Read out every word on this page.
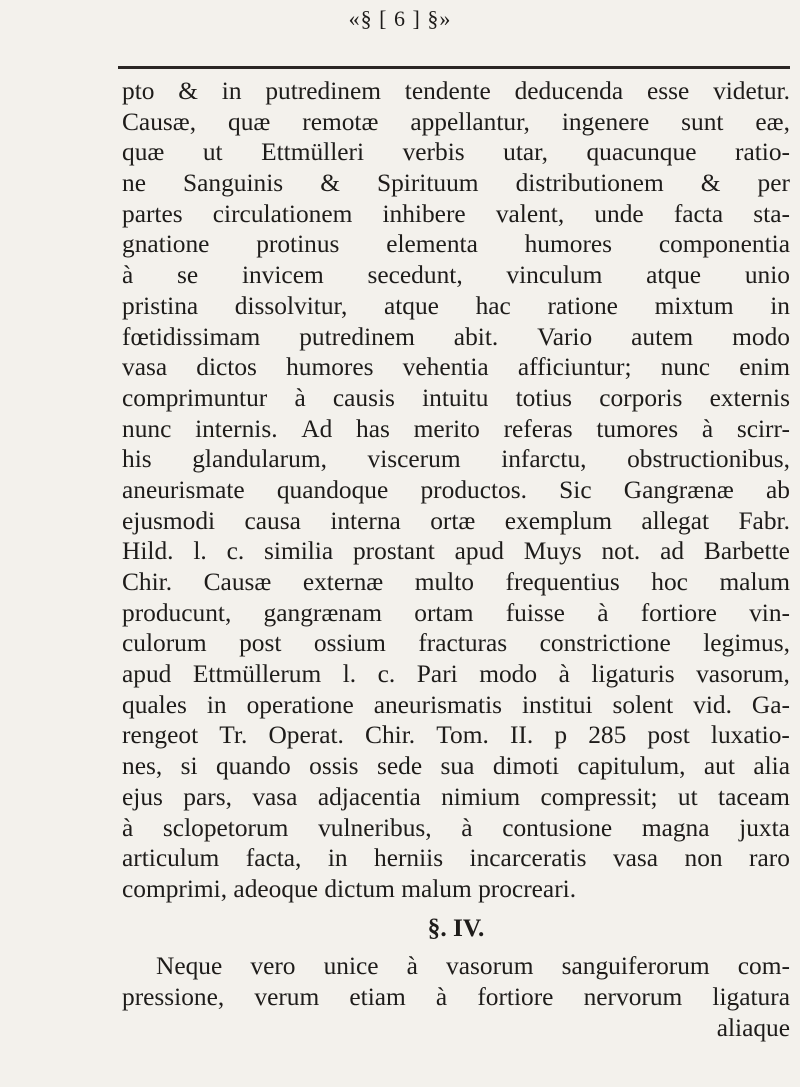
«§ [ 6 ] §»
pto & in putredinem tendente deducenda esse videtur.
Causæ, quæ remotæ appellantur, ingenere sunt eæ,
quæ ut Ettmülleri verbis utar, quacunque ratio-
ne Sanguinis & Spirituum distributionem & per
partes circulationem inhibere valent, unde facta sta-
gnatione protinus elementa humores componentia
à se invicem secedunt, vinculum atque unio
pristina dissolvitur, atque hac ratione mixtum in
fœtidissimam putredinem abit. Vario autem modo
vasa dictos humores vehentia afficiuntur; nunc enim
comprimuntur à causis intuitu totius corporis externis
nunc internis. Ad has merito referas tumores à scirr-
his glandularum, viscerum infarctu, obstructionibus,
aneurismate quandoque productos. Sic Gangrænæ ab
ejusmodi causa interna ortæ exemplum allegat Fabr.
Hild. l. c. similia prostant apud Muys not. ad Barbette
Chir. Causæ externæ multo frequentius hoc malum
producunt, gangrænam ortam fuisse à fortiore vin-
culorum post ossium fracturas constrictione legimus,
apud Ettmüllerum l. c. Pari modo à ligaturis vasorum,
quales in operatione aneurismatis institui solent vid. Ga-
rengeot Tr. Operat. Chir. Tom. II. p 285 post luxatio-
nes, si quando ossis sede sua dimoti capitulum, aut alia
ejus pars, vasa adjacentia nimium compressit; ut taceam
à sclopetorum vulneribus, à contusione magna juxta
articulum facta, in herniis incarceratis vasa non raro
comprimi, adeoque dictum malum procreari.
§. IV.
Neque vero unice à vasorum sanguiferorum com-
pressione, verum etiam à fortiore nervorum ligatura
aliaque
